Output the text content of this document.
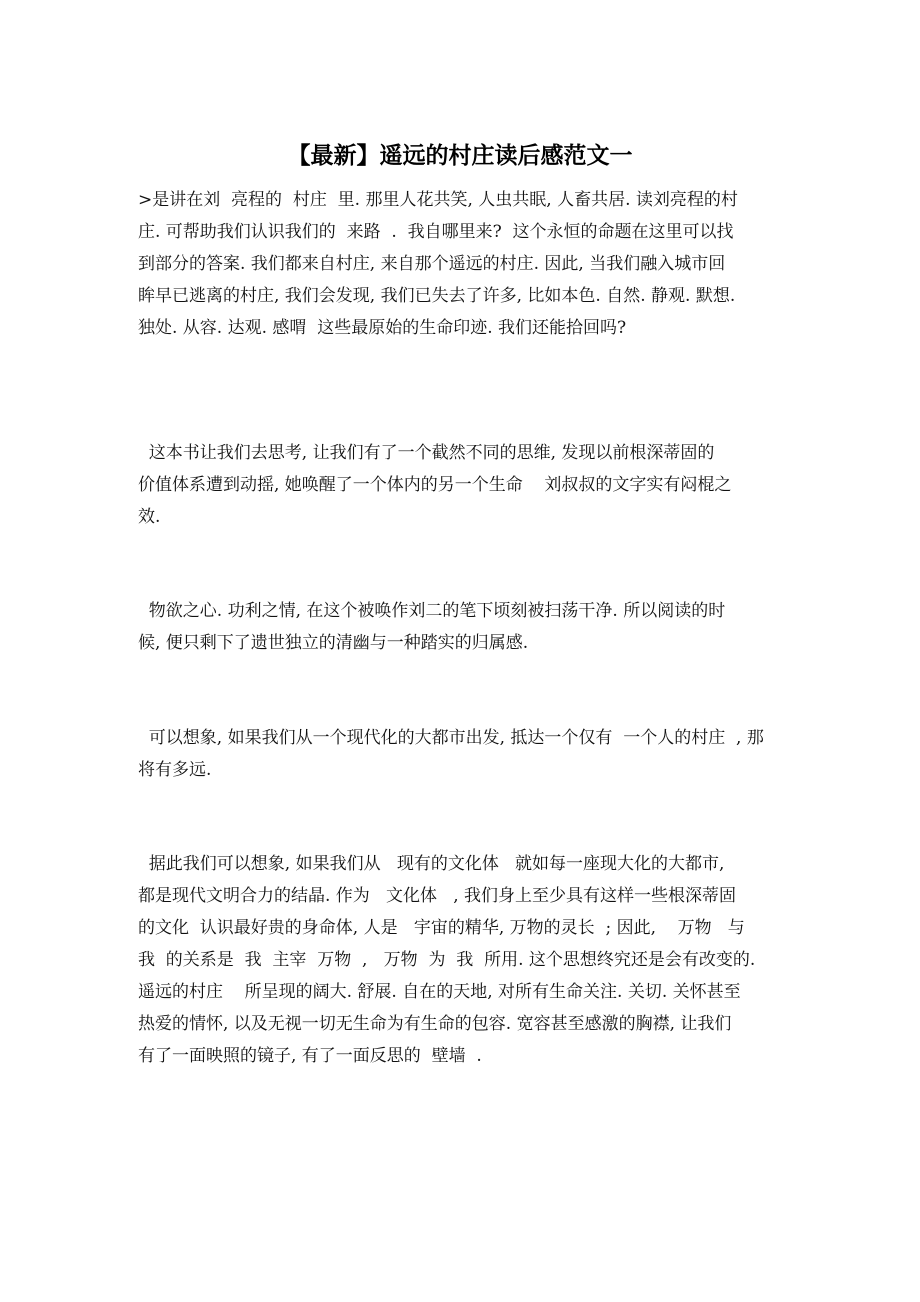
【最新】遥远的村庄读后感范文一
>是讲在刘  亮程的  村庄  里. 那里人花共笑, 人虫共眠, 人畜共居. 读刘亮程的村
庄. 可帮助我们认识我们的  来路  .  我自哪里来?  这个永恒的命题在这里可以找
到部分的答案. 我们都来自村庄, 来自那个遥远的村庄. 因此, 当我们融入城市回
眸早已逃离的村庄, 我们会发现, 我们已失去了许多, 比如本色. 自然. 静观. 默想.
独处. 从容. 达观. 感喟  这些最原始的生命印迹. 我们还能拾回吗?
这本书让我们去思考, 让我们有了一个截然不同的思维, 发现以前根深蒂固的
价值体系遭到动摇, 她唤醒了一个体内的另一个生命    刘叔叔的文字实有闷棍之
效.
物欲之心. 功利之情, 在这个被唤作刘二的笔下顷刻被扫荡干净. 所以阅读的时
候, 便只剩下了遗世独立的清幽与一种踏实的归属感.
可以想象, 如果我们从一个现代化的大都市出发, 抵达一个仅有  一个人的村庄  , 那
将有多远.
据此我们可以想象, 如果我们从   现有的文化体   就如每一座现大化的大都市,
都是现代文明合力的结晶. 作为   文化体   , 我们身上至少具有这样一些根深蒂固
的文化  认识最好贵的身命体, 人是   宇宙的精华, 万物的灵长  ; 因此,    万物   与
我  的关系是  我  主宰  万物  ,   万物  为  我  所用. 这个思想终究还是会有改变的.
遥远的村庄    所呈现的阔大. 舒展. 自在的天地, 对所有生命关注. 关切. 关怀甚至
热爱的情怀, 以及无视一切无生命为有生命的包容. 宽容甚至感激的胸襟, 让我们
有了一面映照的镜子, 有了一面反思的  壁墙  .
